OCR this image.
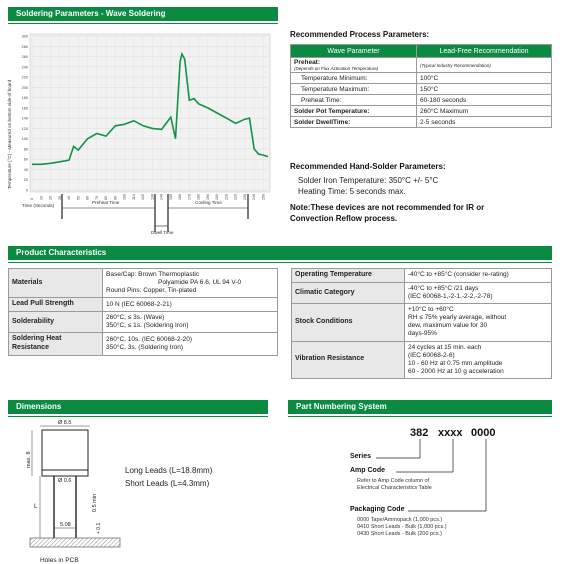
Soldering Parameters - Wave Soldering
Product Characteristics
Dimensions	Part Numbering System
0
20
40
60
80
100
120
140
160
180
200
220
240
260
280
300
0 10 20 30 40 50 60 70 80 90 100 110 120 130 140 150 160 170 180 190 200 210 220 230 240 250
Temperature (°C) - Measured on bottom side of board
Time (Seconds)
Preheat Time	Cooling Time
Dwell Time
Recommended Process Parameters:
Wave Parameter	Lead-Free Recommendation

Preheat:
(Depends on Flux Activation Temperature)	(Typical Industry Recommendation)
Temperature Minimum:	100°C
Temperature Maximum:	150°C
Preheat Time:	60-180 seconds
Solder Pot Temperature:	260°C Maximum
Solder DwellTime:	2-5 seconds
Recommended Hand-Solder Parameters:
Solder Iron Temperature: 350°C +/- 5°C
Heating Time: 5 seconds max.
Note:These devices are not recommended for IR or
Convection Reflow process.
Materials	Base/Cap: Brown Thermoplastic
Polyamide PA 6.6, UL 94 V-0
Round Pins: Copper, Tin-plated

Lead Pull Strength	10 N (IEC 60068-2-21)

Solderability	260°C, ≤ 3s. (Wave)
350°C, ≤ 1s. (Soldering Iron)

Soldering Heat Resistance	260°C, 10s. (IEC 60068-2-20)
350°C, 3s. (Soldering Iron)
Operating Temperature	-40°C to +85°C (consider re-rating)

Climatic Category	-40°C to +85°C /21 days
(IEC 60068-1,-2-1,-2-2,-2-78)

Stock Conditions	+10°C to +60°C
RH ≤ 75% yearly average, without
dew, maximum value for 30
days-95%

Vibration Resistance	24 cycles at 15 min. each
(IEC 60068-2-6)
10 - 60 Hz at 0.75 mm amplitude
60 - 2000 Hz at 10 g acceleration
Ø 8.5
max. 8
Ø 0.6
L	0.5 min
5.08	+ 0.1
Holes in PCB
Long Leads (L=18.8mm)
Short Leads (L=4.3mm)
382 xxxx 0000
Series
Amp Code
Refer to Amp Code column of
Electrical Characteristics Table
Packaging Code
0000 Tape/Ammopack (1,000 pcs.)
0410 Short Leads - Bulk (1,000 pcs.)
0430 Short Leads - Bulk (200 pcs.)
